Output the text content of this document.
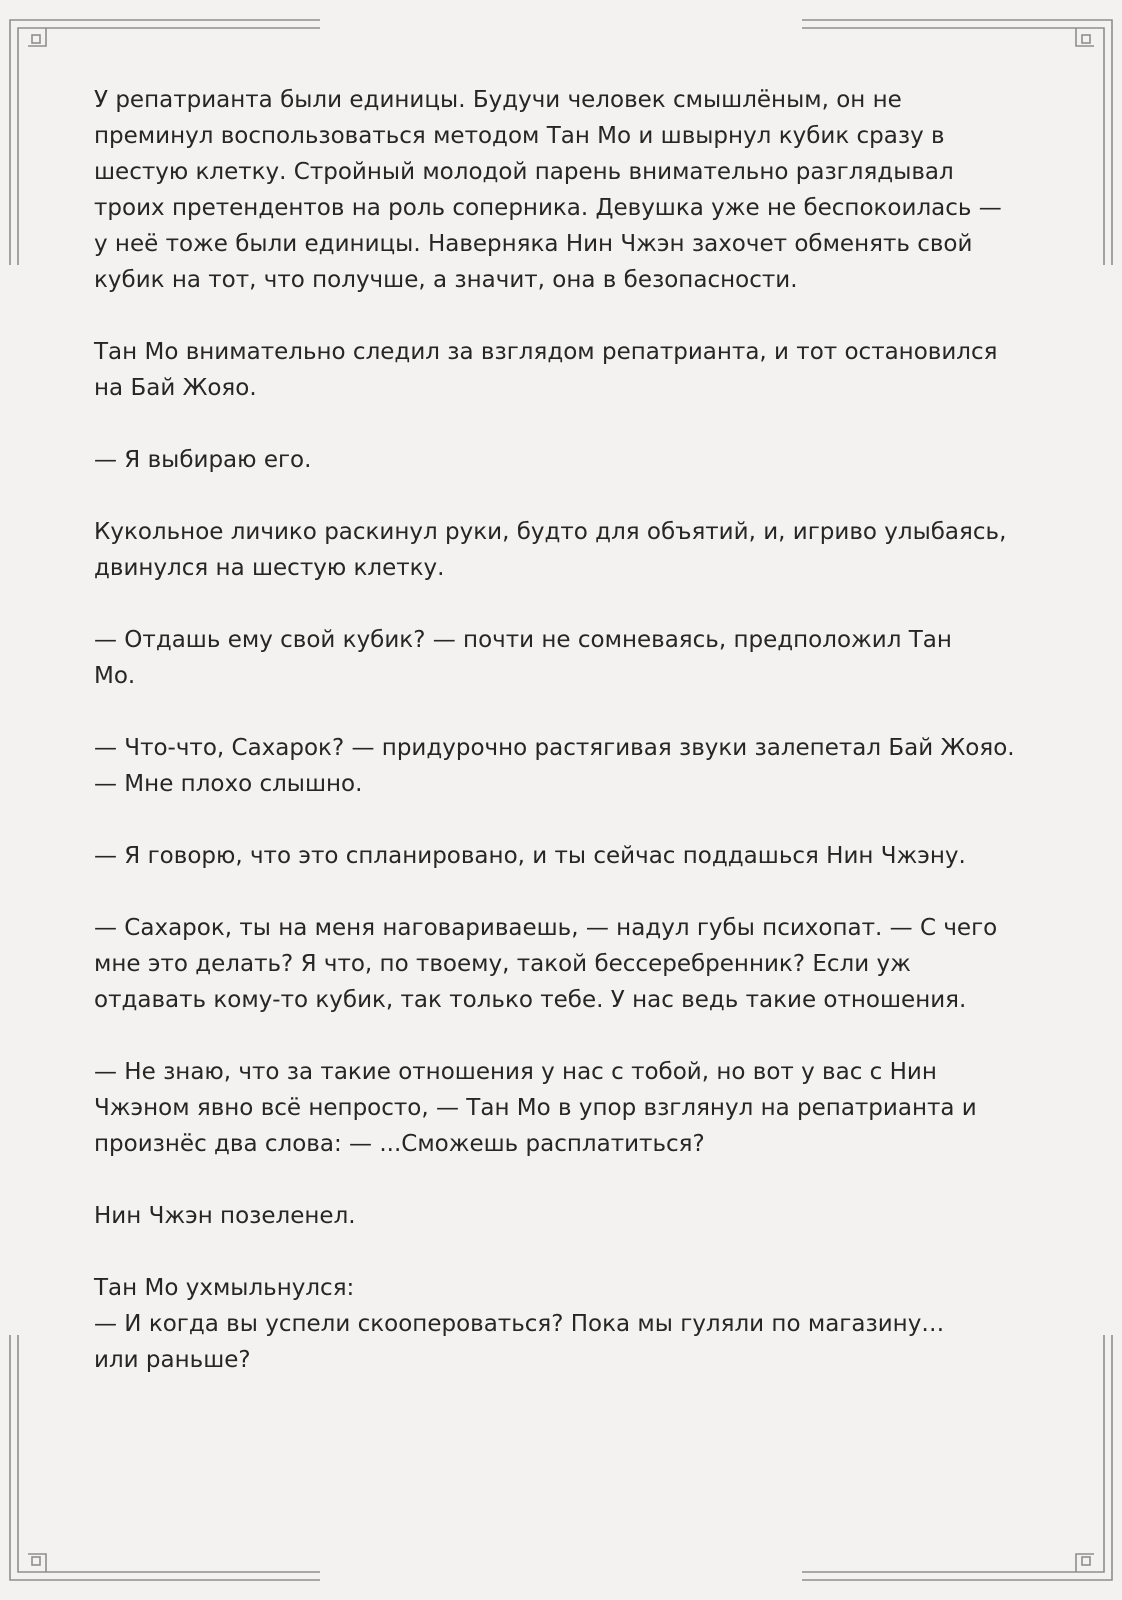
У репатрианта были единицы. Будучи человек смышлёным, он не
преминул воспользоваться методом Тан Мо и швырнул кубик сразу в
шестую клетку. Стройный молодой парень внимательно разглядывал
троих претендентов на роль соперника. Девушка уже не беспокоилась —
у неё тоже были единицы. Наверняка Нин Чжэн захочет обменять свой
кубик на тот, что получше, а значит, она в безопасности.

Тан Мо внимательно следил за взглядом репатрианта, и тот остановился
на Бай Жояо.

— Я выбираю его.

Кукольное личико раскинул руки, будто для объятий, и, игриво улыбаясь,
двинулся на шестую клетку.

— Отдашь ему свой кубик? — почти не сомневаясь, предположил Тан
Мо.

— Что-что, Сахарок? — придурочно растягивая звуки залепетал Бай Жояо.
— Мне плохо слышно.

— Я говорю, что это спланировано, и ты сейчас поддашься Нин Чжэну.

— Сахарок, ты на меня наговариваешь, — надул губы психопат. — С чего
мне это делать? Я что, по твоему, такой бессеребренник? Если уж
отдавать кому-то кубик, так только тебе. У нас ведь такие отношения.

— Не знаю, что за такие отношения у нас с тобой, но вот у вас с Нин
Чжэном явно всё непросто, — Тан Мо в упор взглянул на репатрианта и
произнёс два слова: — ...Сможешь расплатиться?

Нин Чжэн позеленел.

Тан Мо ухмыльнулся:
— И когда вы успели скоопероваться? Пока мы гуляли по магазину…
или раньше?
